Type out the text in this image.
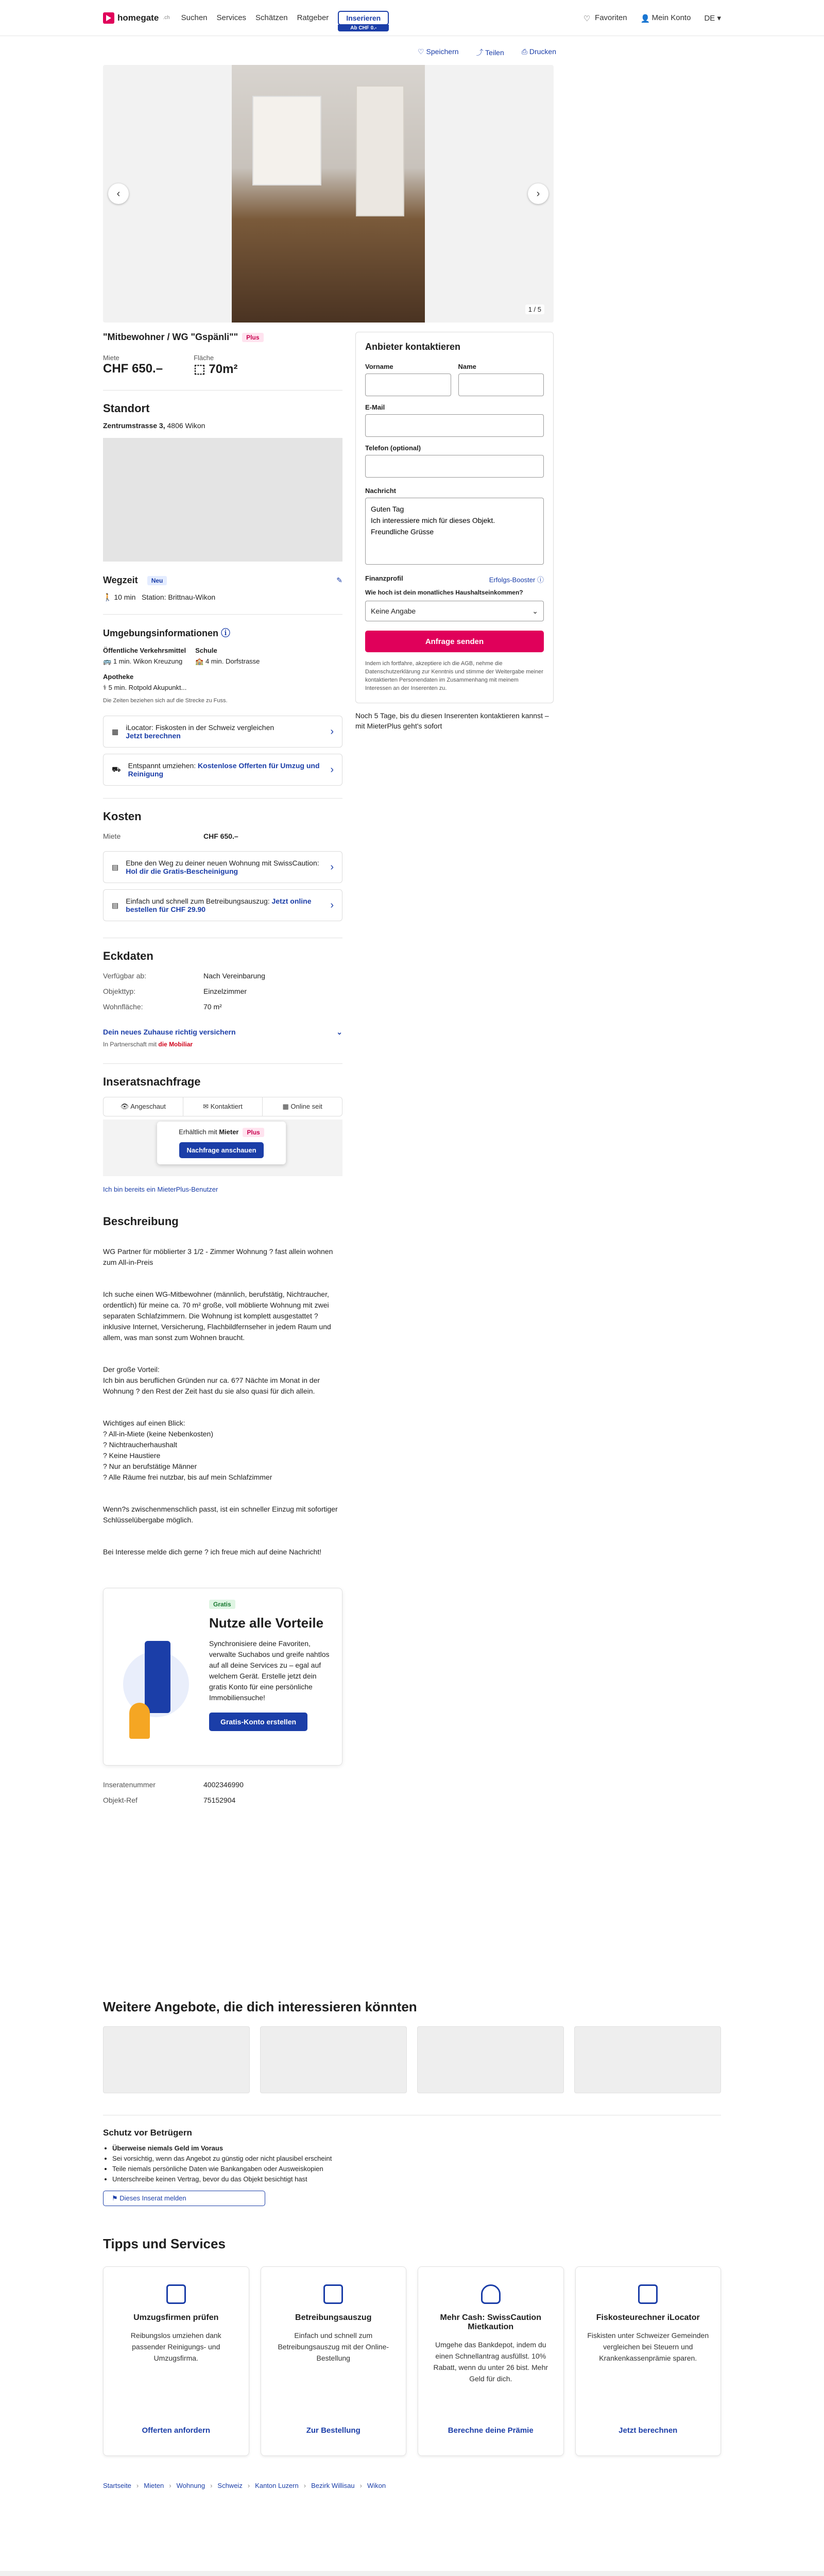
homegate .ch Suchen Services Schätzen Ratgeber	Inserieren
Ab CHF 0.-
♡ Favoriten 👤 Mein Konto DE ▾
♡ Speichern ⤴ Teilen ⎙ Drucken
‹	›
1 / 5
"Mitbewohner / WG "Gspänli"" Plus
Miete
CHF 650.–
Fläche
⬚ 70m²
Standort
Zentrumstrasse 3, 4806 Wikon
Wegzeit	Neu	✎
🚶 10 min Station: Brittnau-Wikon
Umgebungsinformationen ⓘ
Öffentliche Verkehrsmittel
🚌 1 min. Wikon Kreuzung
Schule
🏫 4 min. Dorfstrasse
Apotheke
⚕ 5 min. Rotpold Akupunkt...
Die Zeiten beziehen sich auf die Strecke zu Fuss.
▦ iLocator: Fiskosten in der Schweiz vergleichen
Jetzt berechnen	›
⛟ Entspannt umziehen: Kostenlose Offerten für Umzug und Reinigung	›
Kosten
Miete	CHF 650.–
▤ Ebne den Weg zu deiner neuen Wohnung mit SwissCaution: Hol dir die Gratis-Bescheinigung	›
▤ Einfach und schnell zum Betreibungsauszug: Jetzt online bestellen für CHF 29.90	›
Eckdaten
Verfügbar ab:	Nach Vereinbarung
Objekttyp:	Einzelzimmer
Wohnfläche:	70 m²
Dein neues Zuhause richtig versichern	⌄
In Partnerschaft mit die Mobiliar
Inseratsnachfrage
👁 Angeschaut	✉ Kontaktiert	▦ Online seit
Erhältlich mit Mieter Plus
Nachfrage anschauen
Ich bin bereits ein MieterPlus-Benutzer
Beschreibung

WG Partner für möblierter 3 1/2 - Zimmer Wohnung ? fast allein wohnen zum All-in-Preis

Ich suche einen WG-Mitbewohner (männlich, berufstätig, Nichtraucher, ordentlich) für meine ca. 70 m² große, voll möblierte Wohnung mit zwei separaten Schlafzimmern. Die Wohnung ist komplett ausgestattet ? inklusive Internet, Versicherung, Flachbildfernseher in jedem Raum und allem, was man sonst zum Wohnen braucht.

Der große Vorteil:
Ich bin aus beruflichen Gründen nur ca. 6?7 Nächte im Monat in der Wohnung ? den Rest der Zeit hast du sie also quasi für dich allein.

Wichtiges auf einen Blick:
? All-in-Miete (keine Nebenkosten)
? Nichtraucherhaushalt
? Keine Haustiere
? Nur an berufstätige Männer
? Alle Räume frei nutzbar, bis auf mein Schlafzimmer

Wenn?s zwischenmenschlich passt, ist ein schneller Einzug mit sofortiger Schlüsselübergabe möglich.

Bei Interesse melde dich gerne ? ich freue mich auf deine Nachricht!

Gratis
Nutze alle Vorteile

Synchronisiere deine Favoriten, verwalte Suchabos und greife nahtlos auf all deine Services zu – egal auf welchem Gerät. Erstelle jetzt dein gratis Konto für eine persönliche Immobiliensuche!

Gratis-Konto erstellen
Inseratenummer	4002346990
Objekt-Ref	75152904
Anbieter kontaktieren
Vorname	Name
E-Mail
Telefon (optional)
Nachricht
Guten Tag Ich interessiere mich für dieses Objekt. Freundliche Grüsse
Finanzprofil	Erfolgs-Booster ⓘ
Wie hoch ist dein monatliches Haushaltseinkommen?
Keine Angabe	⌄
Anfrage senden

Indem ich fortfahre, akzeptiere ich die AGB, nehme die Datenschutzerklärung zur Kenntnis und stimme der Weitergabe meiner kontaktierten Personendaten im Zusammenhang mit meinem Interessen an der Inserenten zu.

Noch 5 Tage, bis du diesen Inserenten kontaktieren kannst – mit MieterPlus geht's sofort

Weitere Angebote, die dich interessieren könnten
Schutz vor Betrügern
• Überweise niemals Geld im Voraus
• Sei vorsichtig, wenn das Angebot zu günstig oder nicht plausibel erscheint
• Teile niemals persönliche Daten wie Bankangaben oder Ausweiskopien
• Unterschreibe keinen Vertrag, bevor du das Objekt besichtigt hast
⚑ Dieses Inserat melden
Tipps und Services
Umzugsfirmen prüfen

Reibungslos umziehen dank passender Reinigungs- und Umzugsfirma.

Offerten anfordern
Betreibungsauszug

Einfach und schnell zum Betreibungsauszug mit der Online-Bestellung

Zur Bestellung
Mehr Cash: SwissCaution Mietkaution

Umgehe das Bankdepot, indem du einen Schnellantrag ausfüllst. 10% Rabatt, wenn du unter 26 bist. Mehr Geld für dich.

Berechne deine Prämie
Fiskosteurechner iLocator

Fiskisten unter Schweizer Gemeinden vergleichen bei Steuern und Krankenkassenprämie sparen.

Jetzt berechnen
Startseite › Mieten › Wohnung › Schweiz › Kanton Luzern › Bezirk Willisau › Wikon
